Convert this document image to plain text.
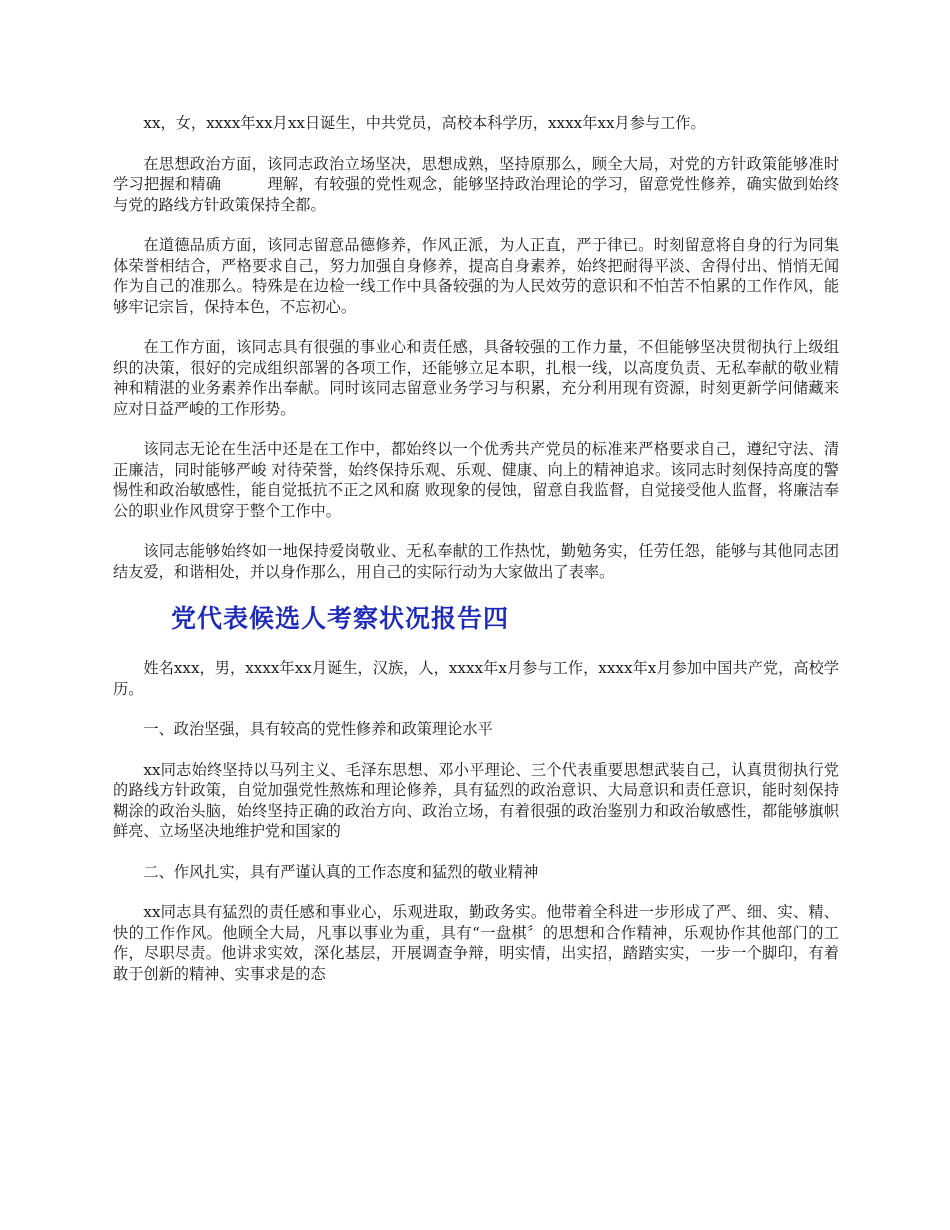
xx，女，xxxx年xx月xx日诞生，中共党员，高校本科学历，xxxx年xx月参与工作。

在思想政治方面，该同志政治立场坚决，思想成熟，坚持原那么，顾全大局，对党的方针政策能够准时学习把握和精确　　　理解，有较强的党性观念，能够坚持政治理论的学习，留意党性修养，确实做到始终与党的路线方针政策保持全都。

在道德品质方面，该同志留意品德修养，作风正派，为人正直，严于律已。时刻留意将自身的行为同集体荣誉相结合，严格要求自己，努力加强自身修养，提高自身素养，始终把耐得平淡、舍得付出、悄悄无闻作为自己的准那么。特殊是在边检一线工作中具备较强的为人民效劳的意识和不怕苦不怕累的工作作风，能够牢记宗旨，保持本色，不忘初心。

在工作方面，该同志具有很强的事业心和责任感，具备较强的工作力量，不但能够坚决贯彻执行上级组织的决策，很好的完成组织部署的各项工作，还能够立足本职，扎根一线，以高度负责、无私奉献的敬业精神和精湛的业务素养作出奉献。同时该同志留意业务学习与积累，充分利用现有资源，时刻更新学问储藏来应对日益严峻的工作形势。

该同志无论在生活中还是在工作中，都始终以一个优秀共产党员的标准来严格要求自己，遵纪守法、清正廉洁，同时能够严峻 对待荣誉，始终保持乐观、乐观、健康、向上的精神追求。该同志时刻保持高度的警惕性和政治敏感性，能自觉抵抗不正之风和腐 败现象的侵蚀，留意自我监督，自觉接受他人监督，将廉洁奉公的职业作风贯穿于整个工作中。

该同志能够始终如一地保持爱岗敬业、无私奉献的工作热忱，勤勉务实，任劳任怨，能够与其他同志团结友爱，和谐相处，并以身作那么，用自己的实际行动为大家做出了表率。

党代表候选人考察状况报告四

姓名xxx，男，xxxx年xx月诞生，汉族，人，xxxx年x月参与工作，xxxx年x月参加中国共产党，高校学历。

一、政治坚强，具有较高的党性修养和政策理论水平

xx同志始终坚持以马列主义、毛泽东思想、邓小平理论、三个代表重要思想武装自己，认真贯彻执行党的路线方针政策，自觉加强党性熬炼和理论修养，具有猛烈的政治意识、大局意识和责任意识，能时刻保持糊涂的政治头脑，始终坚持正确的政治方向、政治立场，有着很强的政治鉴别力和政治敏感性，都能够旗帜鲜亮、立场坚决地维护党和国家的

二、作风扎实，具有严谨认真的工作态度和猛烈的敬业精神

xx同志具有猛烈的责任感和事业心，乐观进取，勤政务实。他带着全科进一步形成了严、细、实、精、快的工作作风。他顾全大局，凡事以事业为重，具有“一盘棋〞的思想和合作精神，乐观协作其他部门的工作，尽职尽责。他讲求实效，深化基层，开展调查争辩，明实情，出实招，踏踏实实，一步一个脚印，有着敢于创新的精神、实事求是的态
